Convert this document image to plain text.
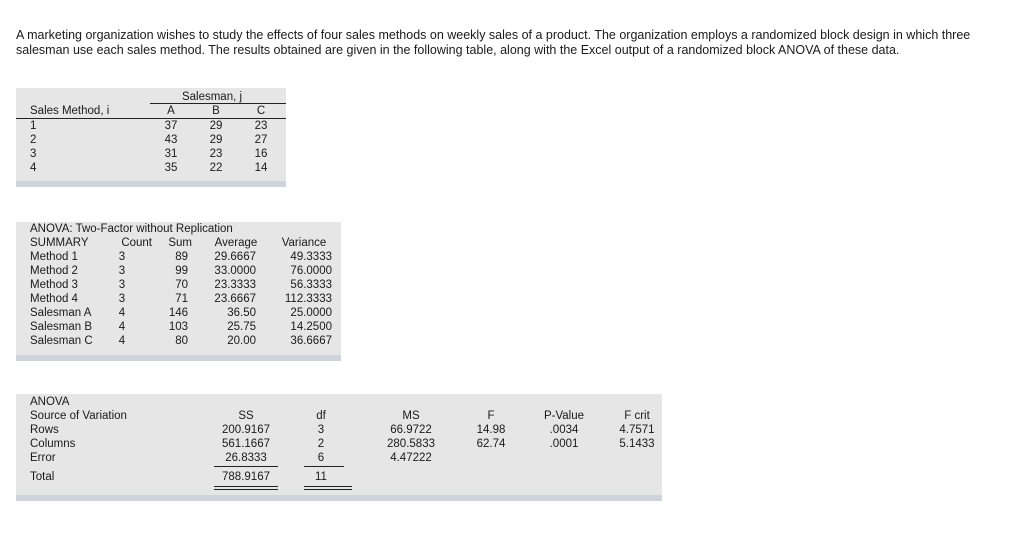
A marketing organization wishes to study the effects of four sales methods on weekly sales of a product. The organization employs a randomized block design in which three salesman use each sales method. The results obtained are given in the following table, along with the Excel output of a randomized block ANOVA of these data.

Salesman, j
Sales Method, i	A	B	C
1	37	29	23
2	43	29	27
3	31	23	16
4	35	22	14
ANOVA: Two-Factor without Replication
SUMMARY	Count	Sum	Average	Variance
Method 1	3	89	29.6667	49.3333
Method 2	3	99	33.0000	76.0000
Method 3	3	70	23.3333	56.3333
Method 4	3	71	23.6667	112.3333
Salesman A	4	146	36.50	25.0000
Salesman B	4	103	25.75	14.2500
Salesman C	4	80	20.00	36.6667
ANOVA
Source of Variation	SS	df	MS	F	P-Value	F crit
Rows	200.9167	3	66.9722	14.98	.0034	4.7571
Columns	561.1667	2	280.5833	62.74	.0001	5.1433
Error	26.8333	6	4.47222
Total	788.9167	11
